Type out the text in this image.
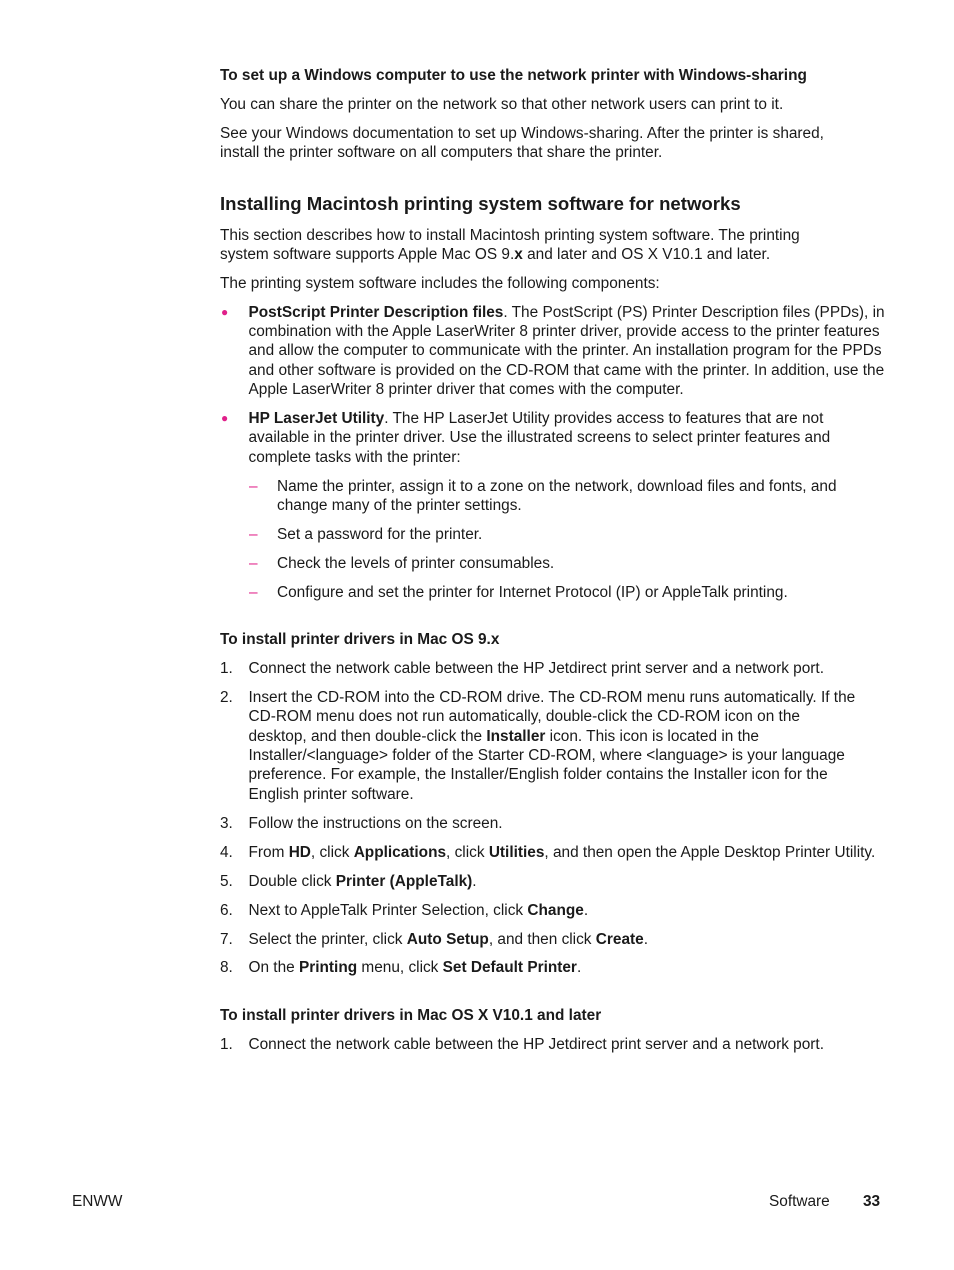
To set up a Windows computer to use the network printer with Windows-sharing

You can share the printer on the network so that other network users can print to it.

See your Windows documentation to set up Windows-sharing. After the printer is shared, install the printer software on all computers that share the printer.

Installing Macintosh printing system software for networks

This section describes how to install Macintosh printing system software. The printing system software supports Apple Mac OS 9.x and later and OS X V10.1 and later.

The printing system software includes the following components:

● PostScript Printer Description files. The PostScript (PS) Printer Description files (PPDs), in combination with the Apple LaserWriter 8 printer driver, provide access to the printer features and allow the computer to communicate with the printer. An installation program for the PPDs and other software is provided on the CD-ROM that came with the printer. In addition, use the Apple LaserWriter 8 printer driver that comes with the computer.

● HP LaserJet Utility. The HP LaserJet Utility provides access to features that are not available in the printer driver. Use the illustrated screens to select printer features and complete tasks with the printer:

– Name the printer, assign it to a zone on the network, download files and fonts, and change many of the printer settings.

– Set a password for the printer.

– Check the levels of printer consumables.

– Configure and set the printer for Internet Protocol (IP) or AppleTalk printing.

To install printer drivers in Mac OS 9.x

1. Connect the network cable between the HP Jetdirect print server and a network port.

2. Insert the CD-ROM into the CD-ROM drive. The CD-ROM menu runs automatically. If the CD-ROM menu does not run automatically, double-click the CD-ROM icon on the desktop, and then double-click the Installer icon. This icon is located in the Installer/<language> folder of the Starter CD-ROM, where <language> is your language preference. For example, the Installer/English folder contains the Installer icon for the English printer software.

3. Follow the instructions on the screen.

4. From HD, click Applications, click Utilities, and then open the Apple Desktop Printer Utility.

5. Double click Printer (AppleTalk).

6. Next to AppleTalk Printer Selection, click Change.

7. Select the printer, click Auto Setup, and then click Create.

8. On the Printing menu, click Set Default Printer.

To install printer drivers in Mac OS X V10.1 and later

1. Connect the network cable between the HP Jetdirect print server and a network port.

ENWW	Software 33
